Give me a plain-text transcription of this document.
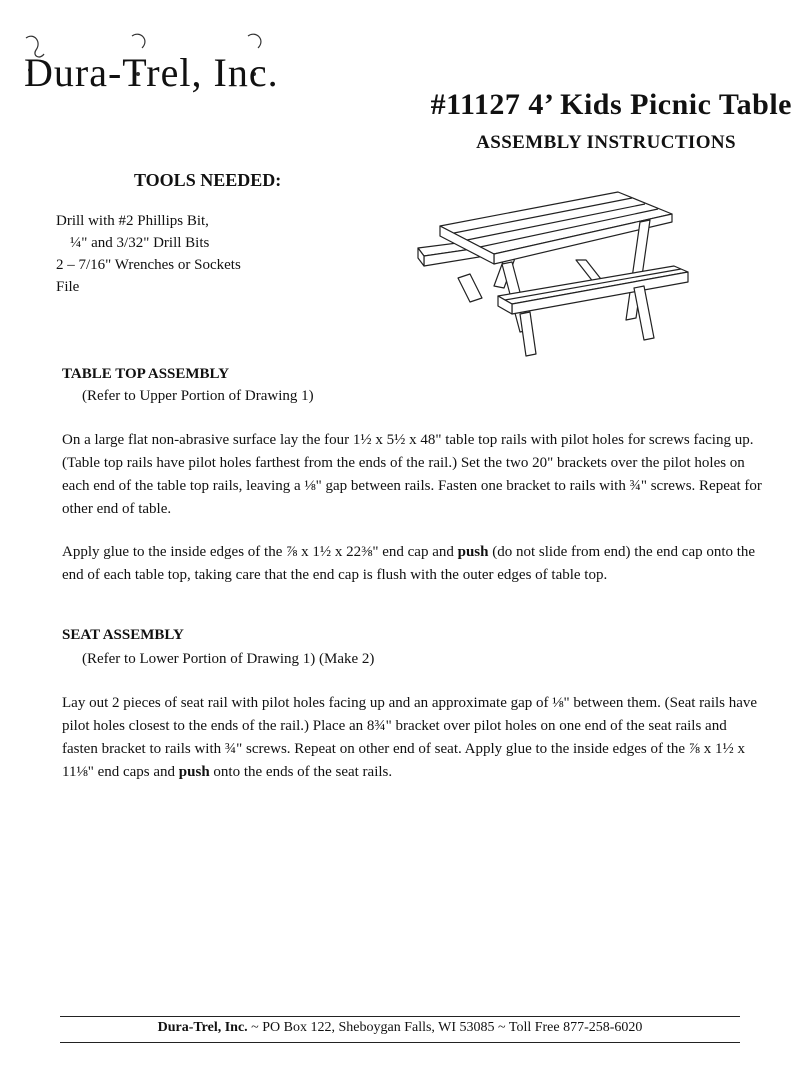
Dura-Trel, Inc.
#11127 4’ Kids Picnic Table
ASSEMBLY INSTRUCTIONS
TOOLS NEEDED:
Drill with #2 Phillips Bit,
¼" and 3/32" Drill Bits
2 – 7/16" Wrenches or Sockets
File
TABLE TOP ASSEMBLY
(Refer to Upper Portion of Drawing 1)
On a large flat non-abrasive surface lay the four 1½ x 5½ x 48" table top rails with pilot holes for screws facing up. (Table top rails have pilot holes farthest from the ends of the rail.) Set the two 20" brackets over the pilot holes on each end of the table top rails, leaving a ⅛" gap between rails. Fasten one bracket to rails with ¾" screws. Repeat for other end of table.
Apply glue to the inside edges of the ⅞ x 1½ x 22⅜" end cap and push (do not slide from end) the end cap onto the end of each table top, taking care that the end cap is flush with the outer edges of table top.
SEAT ASSEMBLY
(Refer to Lower Portion of Drawing 1) (Make 2)
Lay out 2 pieces of seat rail with pilot holes facing up and an approximate gap of ⅛" between them. (Seat rails have pilot holes closest to the ends of the rail.) Place an 8¾" bracket over pilot holes on one end of the seat rails and fasten bracket to rails with ¾" screws. Repeat on other end of seat. Apply glue to the inside edges of the ⅞ x 1½ x 11⅛" end caps and push onto the ends of the seat rails.
Dura-Trel, Inc. ~ PO Box 122, Sheboygan Falls, WI 53085 ~ Toll Free 877-258-6020
